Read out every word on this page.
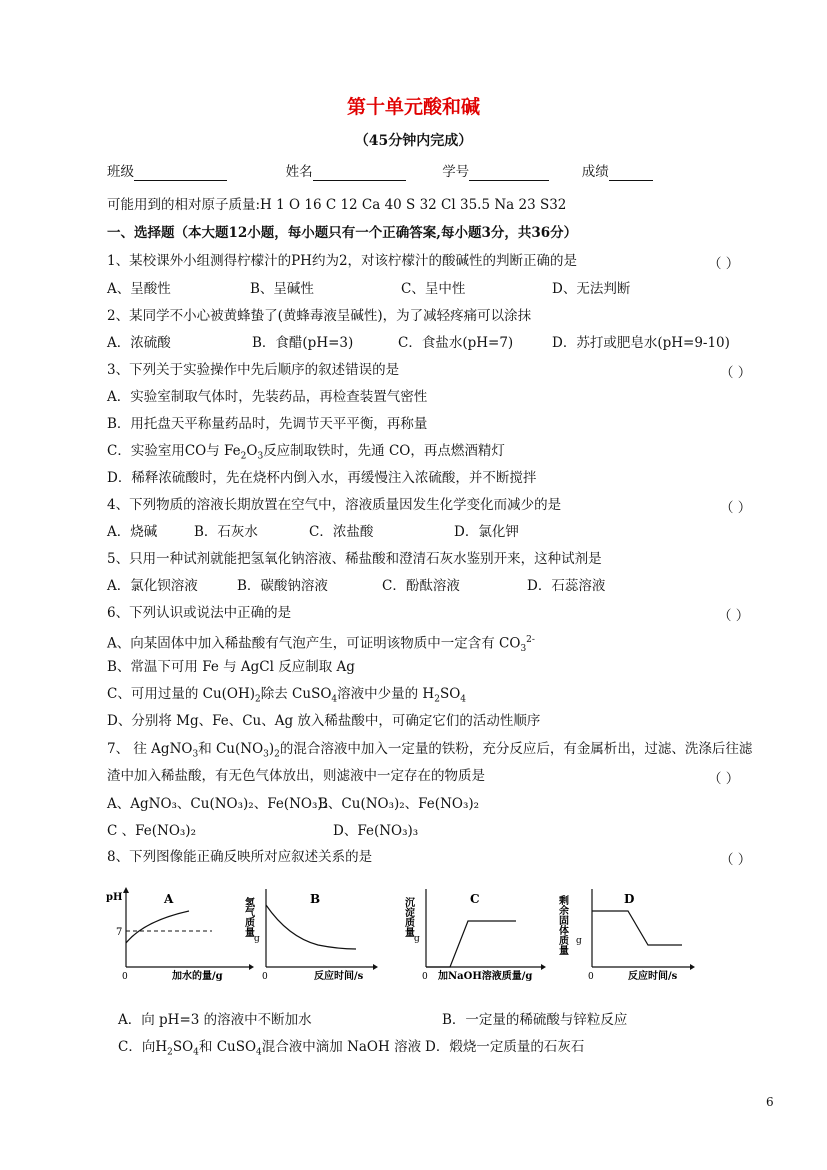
第十单元酸和碱
（45分钟内完成）
班级	姓名	学号	成绩
可能用到的相对原子质量:H 1 O 16 C 12 Ca 40 S 32 Cl 35.5 Na 23 S32
一、选择题（本大题12小题，每小题只有一个正确答案,每小题3分，共36分）
1、某校课外小组测得柠檬汁的PH约为2，对该柠檬汁的酸碱性的判断正确的是	（ ）
A、呈酸性	B、呈碱性	C、呈中性	D、无法判断
2、某同学不小心被黄蜂蛰了(黄蜂毒液呈碱性)，为了减轻疼痛可以涂抹
A．浓硫酸	B．食醋(pH=3)	C．食盐水(pH=7)	D．苏打或肥皂水(pH=9-10)
3、下列关于实验操作中先后顺序的叙述错误的是	（ ）
A．实验室制取气体时，先装药品，再检查装置气密性
B．用托盘天平称量药品时，先调节天平平衡，再称量
C．实验室用CO与 $Fe_2O_3$反应制取铁时，先通 CO，再点燃酒精灯
D．稀释浓硫酸时，先在烧杯内倒入水，再缓慢注入浓硫酸，并不断搅拌
4、下列物质的溶液长期放置在空气中，溶液质量因发生化学变化而减少的是	（ ）
A．烧碱	B．石灰水	C．浓盐酸	D．氯化钾
5、只用一种试剂就能把氢氧化钠溶液、稀盐酸和澄清石灰水鉴别开来，这种试剂是
A．氯化钡溶液	B．碳酸钠溶液	C．酚酞溶液	D．石蕊溶液
6、下列认识或说法中正确的是	（ ）
A、向某固体中加入稀盐酸有气泡产生，可证明该物质中一定含有 $CO_3^{2-}$
B、常温下可用 Fe 与 AgCl 反应制取 Ag
C、可用过量的 $Cu(OH)_2$除去 CuSO$_4$溶液中少量的 $H_2SO_4$
D、分别将 Mg、Fe、Cu、Ag 放入稀盐酸中，可确定它们的活动性顺序
7、 往 AgNO$_3$和 $Cu(NO_3)_2$的混合溶液中加入一定量的铁粉，充分反应后，有金属析出，过滤、洗涤后往滤
渣中加入稀盐酸，有无色气体放出，则滤液中一定存在的物质是	（ ）
A、AgNO₃、Cu(NO₃)₂、Fe(NO₃)₂
B、Cu(NO₃)₂、Fe(NO₃)₂
C 、Fe(NO₃)₂	D、Fe(NO₃)₃
8、下列图像能正确反映所对应叙述关系的是	（ ）
pH
7
0
A
加水的量/g
氢气质量
g
0
B
反应时间/s
沉淀质量
g
0
C
加NaOH溶液质量/g
剩余固体质量 g
0
D
反应时间/s
A．向 pH=3 的溶液中不断加水	B．一定量的稀硫酸与锌粒反应
C．向$H_2SO_4$和 CuSO$_4$混合液中滴加 NaOH 溶液 D．煅烧一定质量的石灰石
6
